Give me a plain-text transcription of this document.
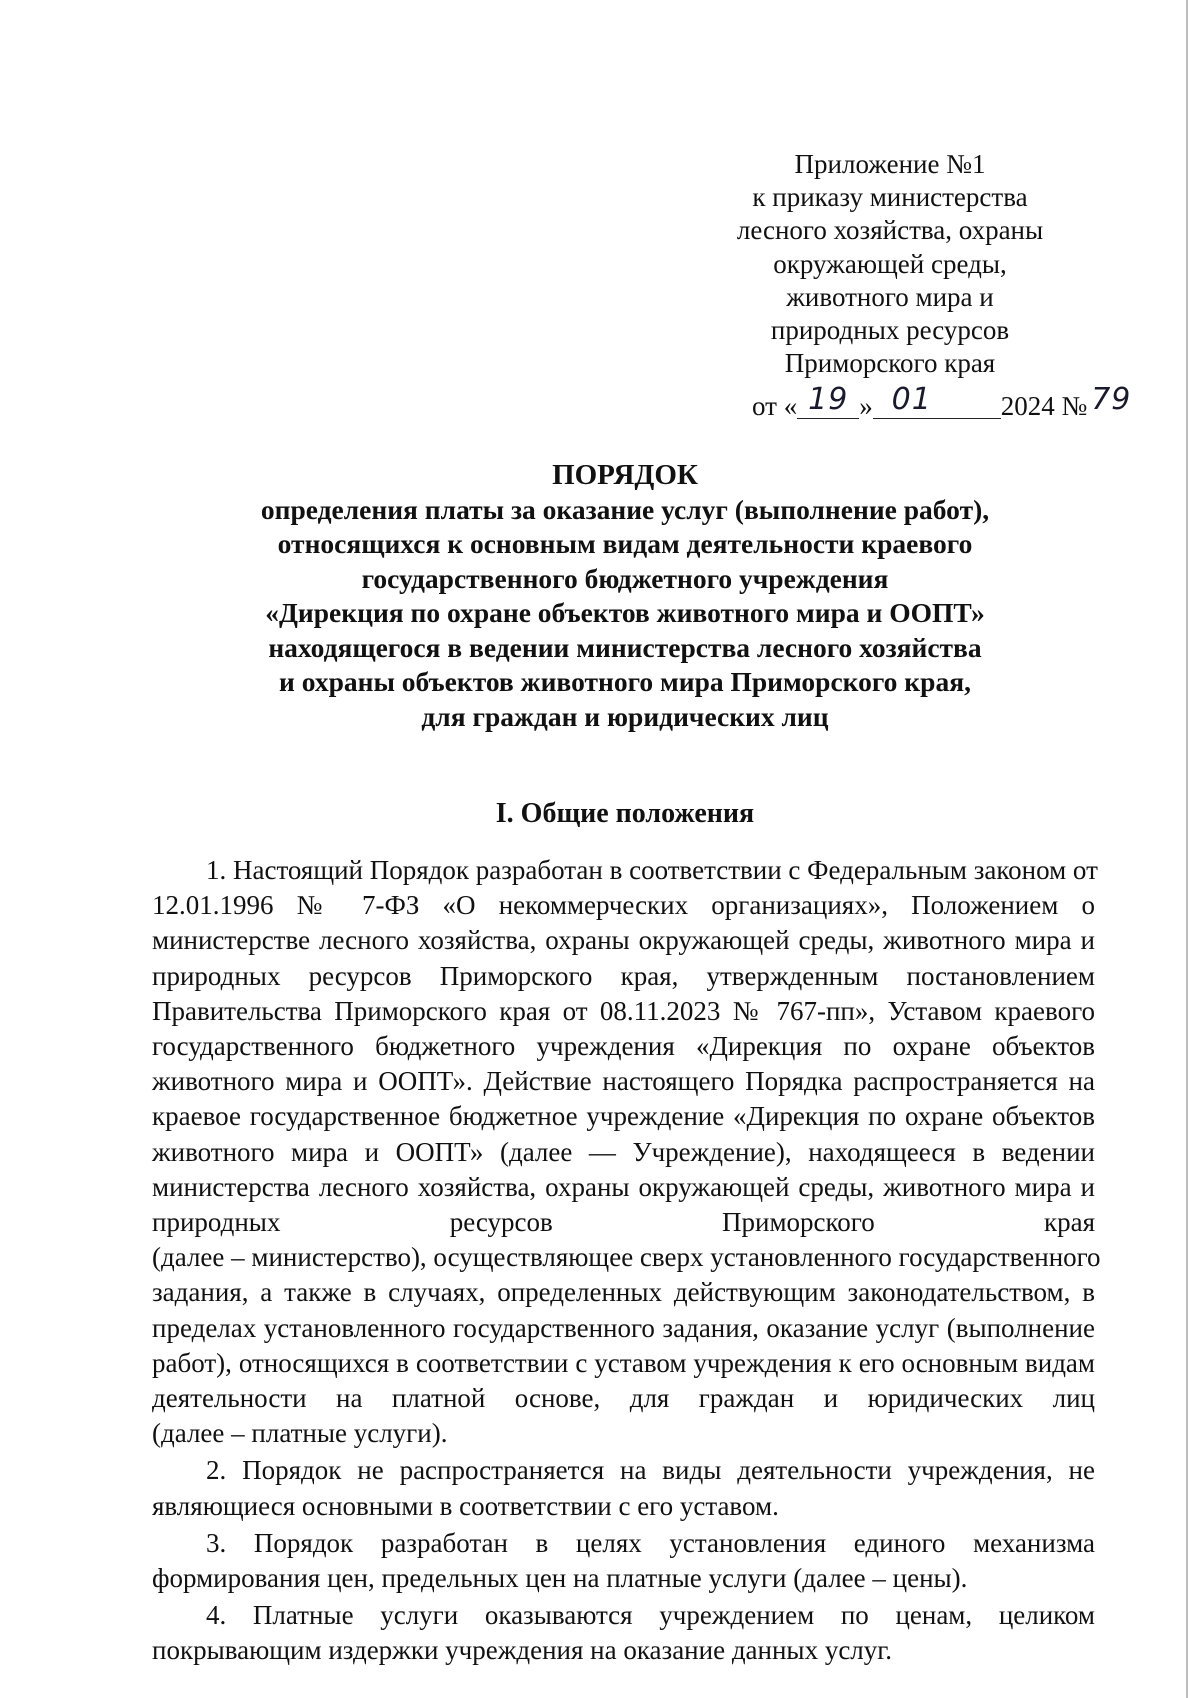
Приложение №1
к приказу министерства
лесного хозяйства, охраны
окружающей среды,
животного мира и
природных ресурсов
Приморского края
от « 19 » 01	2024 № 79
ПОРЯДОК
определения платы за оказание услуг (выполнение работ),
относящихся к основным видам деятельности краевого
государственного бюджетного учреждения
«Дирекция по охране объектов животного мира и ООПТ»
находящегося в ведении министерства лесного хозяйства
и охраны объектов животного мира Приморского края,
для граждан и юридических лиц
I. Общие положения
1. Настоящий Порядок разработан в соответствии с Федеральным законом от
12.01.1996 № 7-ФЗ «О некоммерческих организациях», Положением о
министерстве лесного хозяйства, охраны окружающей среды, животного мира и
природных ресурсов Приморского края, утвержденным постановлением
Правительства Приморского края от 08.11.2023 № 767-пп», Уставом краевого
государственного бюджетного учреждения «Дирекция по охране объектов
животного мира и ООПТ». Действие настоящего Порядка распространяется на
краевое государственное бюджетное учреждение «Дирекция по охране объектов
животного мира и ООПТ» (далее — Учреждение), находящееся в ведении
министерства лесного хозяйства, охраны окружающей среды, животного мира и
природных ресурсов Приморского края
(далее – министерство), осуществляющее сверх установленного государственного
задания, а также в случаях, определенных действующим законодательством, в
пределах установленного государственного задания, оказание услуг (выполнение
работ), относящихся в соответствии с уставом учреждения к его основным видам
деятельности на платной основе, для граждан и юридических лиц
(далее – платные услуги).
2. Порядок не распространяется на виды деятельности учреждения, не
являющиеся основными в соответствии с его уставом.
3. Порядок разработан в целях установления единого механизма
формирования цен, предельных цен на платные услуги (далее – цены).
4. Платные услуги оказываются учреждением по ценам, целиком
покрывающим издержки учреждения на оказание данных услуг.
